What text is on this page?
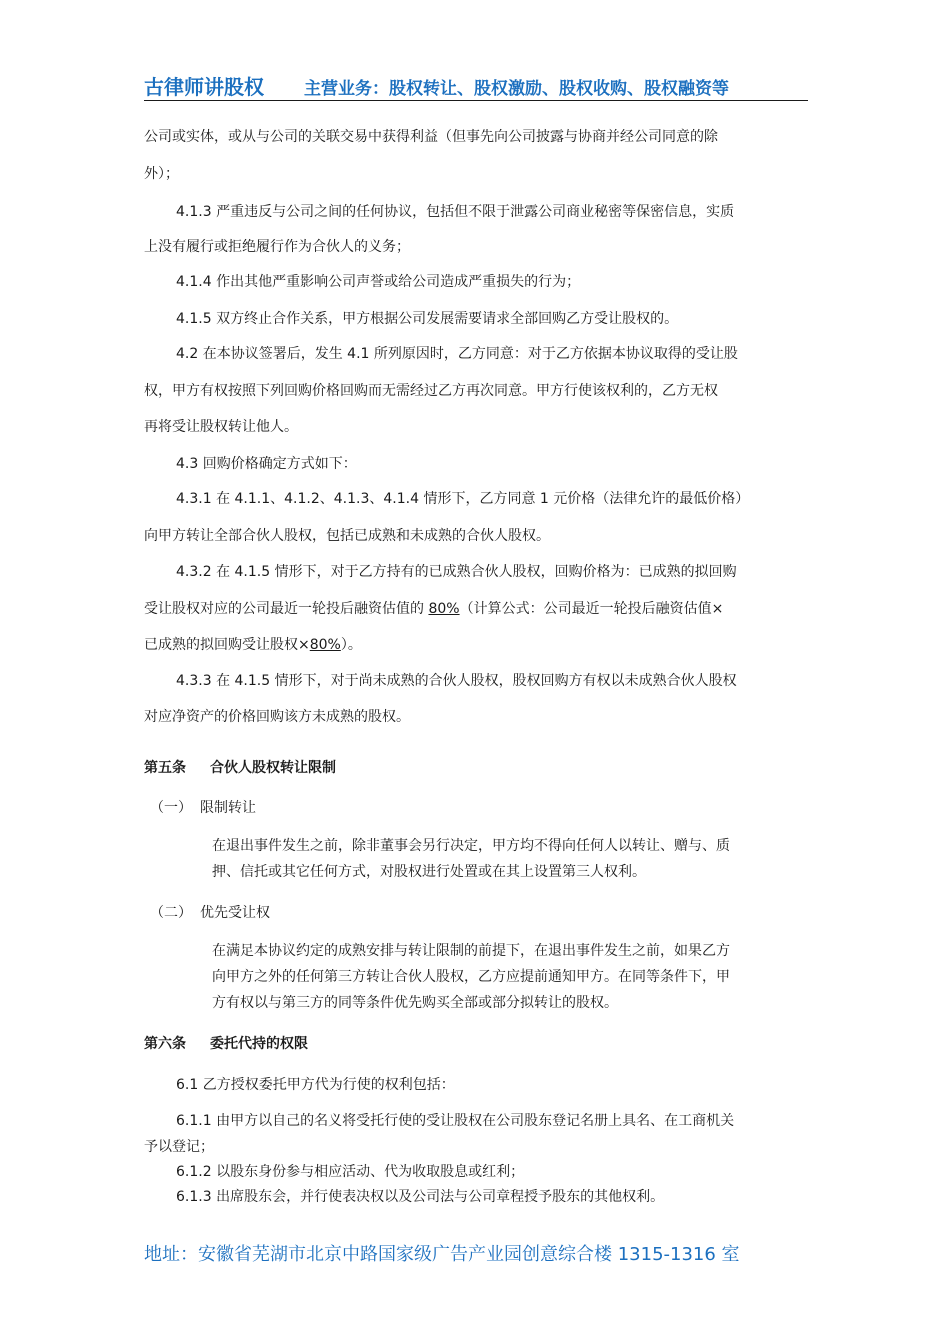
古律师讲股权 主营业务：股权转让、股权激励、股权收购、股权融资等
公司或实体，或从与公司的关联交易中获得利益（但事先向公司披露与协商并经公司同意的除
外）；
4.1.3 严重违反与公司之间的任何协议，包括但不限于泄露公司商业秘密等保密信息，实质
上没有履行或拒绝履行作为合伙人的义务；
4.1.4 作出其他严重影响公司声誉或给公司造成严重损失的行为；
4.1.5 双方终止合作关系，甲方根据公司发展需要请求全部回购乙方受让股权的。
4.2 在本协议签署后，发生 4.1 所列原因时，乙方同意：对于乙方依据本协议取得的受让股
权，甲方有权按照下列回购价格回购而无需经过乙方再次同意。甲方行使该权利的，乙方无权
再将受让股权转让他人。
4.3 回购价格确定方式如下：
4.3.1 在 4.1.1、4.1.2、4.1.3、4.1.4 情形下，乙方同意 1 元价格（法律允许的最低价格）
向甲方转让全部合伙人股权，包括已成熟和未成熟的合伙人股权。
4.3.2 在 4.1.5 情形下，对于乙方持有的已成熟合伙人股权，回购价格为：已成熟的拟回购
受让股权对应的公司最近一轮投后融资估值的 80%（计算公式：公司最近一轮投后融资估值×
已成熟的拟回购受让股权×80%）。
4.3.3 在 4.1.5 情形下，对于尚未成熟的合伙人股权，股权回购方有权以未成熟合伙人股权
对应净资产的价格回购该方未成熟的股权。
第五条 合伙人股权转让限制
（一） 限制转让
在退出事件发生之前，除非董事会另行决定，甲方均不得向任何人以转让、赠与、质
押、信托或其它任何方式，对股权进行处置或在其上设置第三人权利。
（二） 优先受让权
在满足本协议约定的成熟安排与转让限制的前提下，在退出事件发生之前，如果乙方
向甲方之外的任何第三方转让合伙人股权，乙方应提前通知甲方。在同等条件下，甲
方有权以与第三方的同等条件优先购买全部或部分拟转让的股权。
第六条 委托代持的权限
6.1 乙方授权委托甲方代为行使的权利包括：
6.1.1 由甲方以自己的名义将受托行使的受让股权在公司股东登记名册上具名、在工商机关
予以登记；
6.1.2 以股东身份参与相应活动、代为收取股息或红利；
6.1.3 出席股东会，并行使表决权以及公司法与公司章程授予股东的其他权利。
地址：安徽省芜湖市北京中路国家级广告产业园创意综合楼 1315-1316 室
